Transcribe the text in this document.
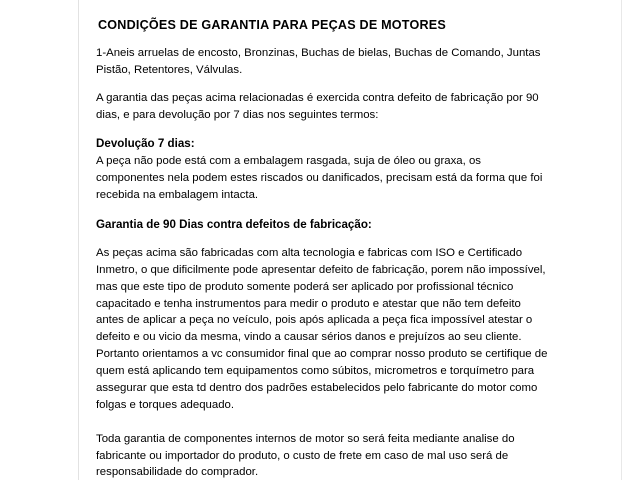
CONDIÇÕES DE GARANTIA PARA PEÇAS DE MOTORES

1-Aneis arruelas de encosto, Bronzinas, Buchas de bielas, Buchas de Comando, Juntas Pistão, Retentores, Válvulas.

A garantia das peças acima relacionadas é exercida contra defeito de fabricação por 90 dias, e para devolução por 7 dias nos seguintes termos:

Devolução 7 dias:

A peça não pode está com a embalagem rasgada, suja de óleo ou graxa, os componentes nela podem estes riscados ou danificados, precisam está da forma que foi recebida na embalagem intacta.

Garantia de 90 Dias contra defeitos de fabricação:

As peças acima são fabricadas com alta tecnologia e fabricas com ISO e Certificado Inmetro, o que dificilmente pode apresentar defeito de fabricação, porem não impossível, mas que este tipo de produto somente poderá ser aplicado por profissional técnico capacitado e tenha instrumentos para medir o produto e atestar que não tem defeito antes de aplicar a peça no veículo, pois após aplicada a peça fica impossível atestar o defeito e ou vicio da mesma, vindo a causar sérios danos e prejuízos ao seu cliente.

Portanto orientamos a vc consumidor final que ao comprar nosso produto se certifique de quem está aplicando tem equipamentos como súbitos, micrometros e torquímetro para assegurar que esta td dentro dos padrões estabelecidos pelo fabricante do motor como folgas e torques adequado.

Toda garantia de componentes internos de motor so será feita mediante analise do fabricante ou importador do produto, o custo de frete em caso de mal uso será de responsabilidade do comprador.
